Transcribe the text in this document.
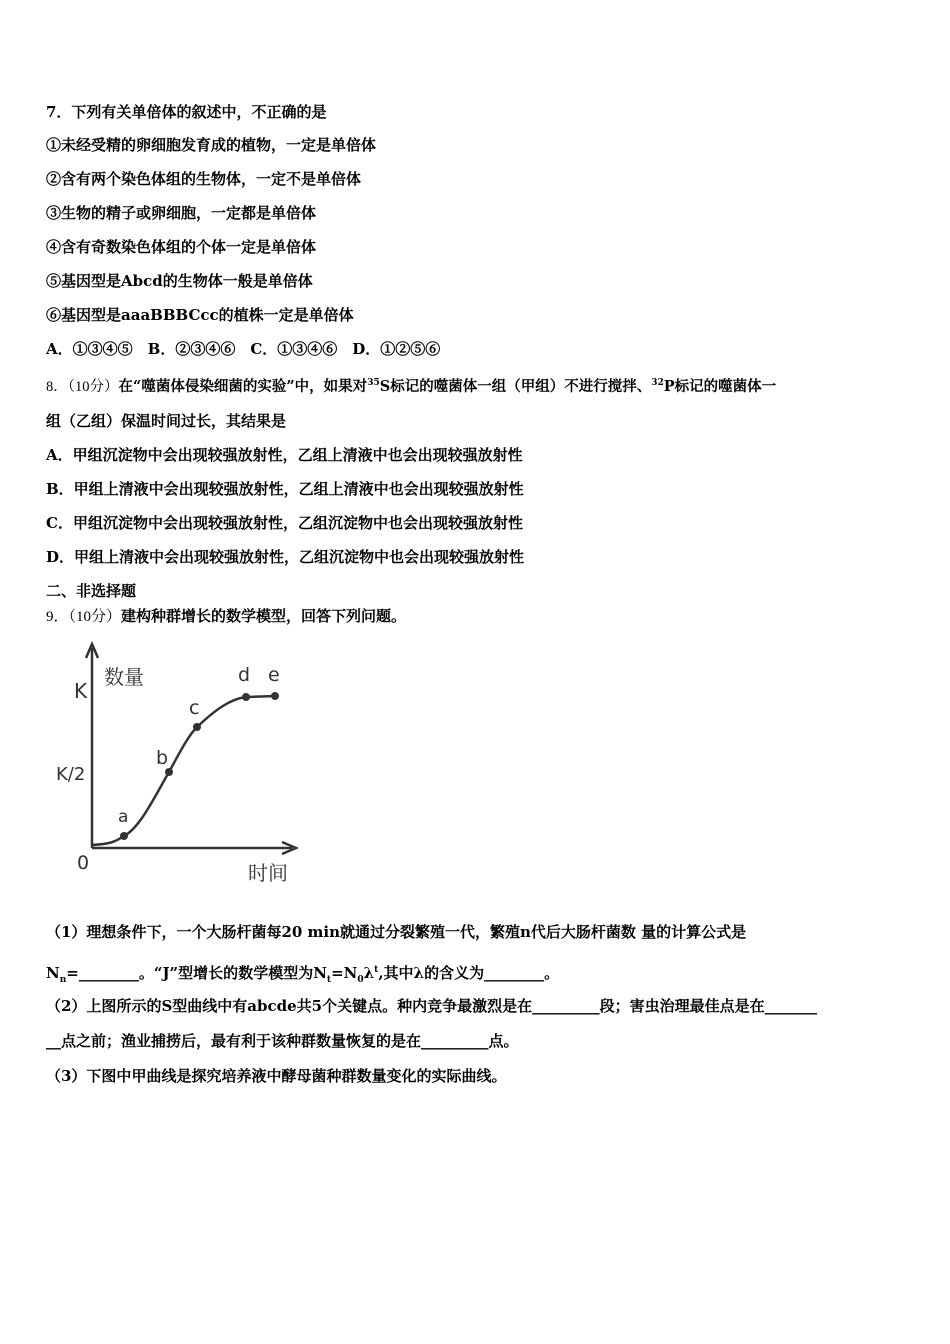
7．下列有关单倍体的叙述中，不正确的是
①未经受精的卵细胞发育成的植物，一定是单倍体
②含有两个染色体组的生物体，一定不是单倍体
③生物的精子或卵细胞，一定都是单倍体
④含有奇数染色体组的个体一定是单倍体
⑤基因型是Abcd的生物体一般是单倍体
⑥基因型是aaaBBBCcc的植株一定是单倍体
A．①③④⑤　B．②③④⑥　C．①③④⑥　D．①②⑤⑥
8．（10分）在“噬菌体侵染细菌的实验”中，如果对$^{35}$S标记的噬菌体一组（甲组）不进行搅拌、$^{32}$P标记的噬菌体一
组（乙组）保温时间过长，其结果是
A．甲组沉淀物中会出现较强放射性，乙组上清液中也会出现较强放射性
B．甲组上清液中会出现较强放射性，乙组上清液中也会出现较强放射性
C．甲组沉淀物中会出现较强放射性，乙组沉淀物中也会出现较强放射性
D．甲组上清液中会出现较强放射性，乙组沉淀物中也会出现较强放射性
二、非选择题
9．（10分）建构种群增长的数学模型，回答下列问题。
a
b
c
d e
K
K/2
0
数量
时间
（1）理想条件下，一个大肠杆菌每20 min就通过分裂繁殖一代，繁殖n代后大肠杆菌数 量的计算公式是
$N_n=\_\_\_\_\_\_\_\_$。“J”型增长的数学模型为$N_t=N_0\lambda^t$,其中λ的含义为________。
（2）上图所示的S型曲线中有abcde共5个关键点。种内竞争最激烈是在_________段；害虫治理最佳点是在_______
__点之前；渔业捕捞后，最有利于该种群数量恢复的是在_________点。
（3）下图中甲曲线是探究培养液中酵母菌种群数量变化的实际曲线。
